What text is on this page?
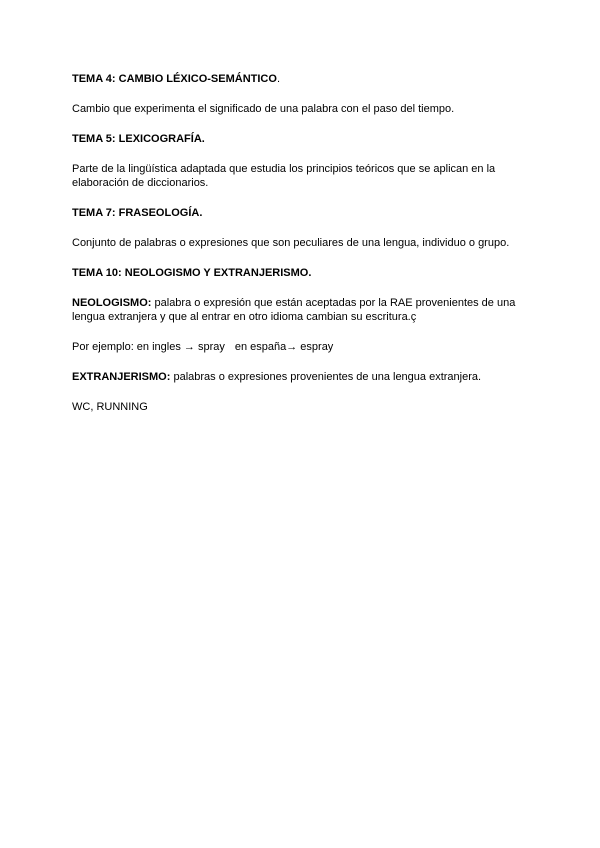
TEMA 4: CAMBIO LÉXICO-SEMÁNTICO.

Cambio que experimenta el significado de una palabra con el paso del tiempo.

TEMA 5: LEXICOGRAFÍA.

Parte de la lingüística adaptada que estudia los principios teóricos que se aplican en la

elaboración de diccionarios.

TEMA 7: FRASEOLOGÍA.

Conjunto de palabras o expresiones que son peculiares de una lengua, individuo o grupo.

TEMA 10: NEOLOGISMO Y EXTRANJERISMO.

NEOLOGISMO: palabra o expresión que están aceptadas por la RAE provenientes de una

lengua extranjera y que al entrar en otro idioma cambian su escritura.ç

Por ejemplo: en ingles → spray en españa→ espray

EXTRANJERISMO: palabras o expresiones provenientes de una lengua extranjera.

WC, RUNNING
